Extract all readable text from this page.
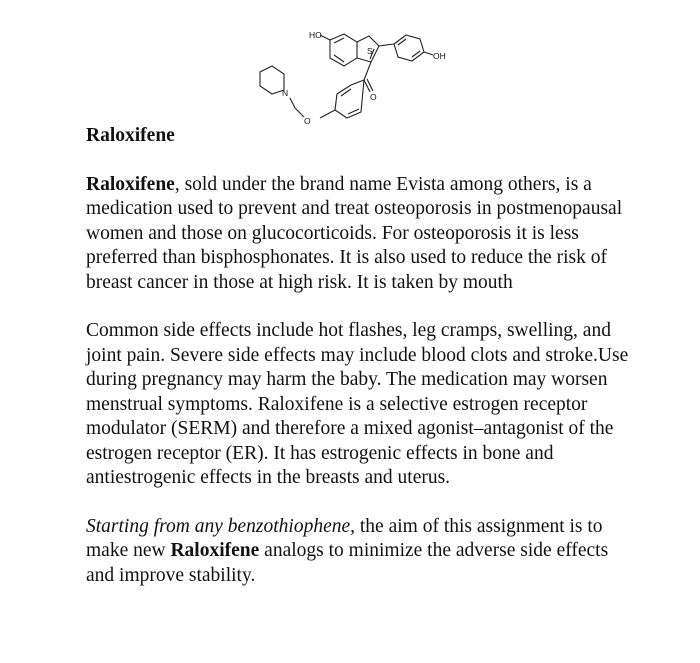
HO
S	OH
O
O
N
Raloxifene

Raloxifene, sold under the brand name Evista among others, is a medication used to prevent and treat osteoporosis in postmenopausal women and those on glucocorticoids. For osteoporosis it is less preferred than bisphosphonates. It is also used to reduce the risk of breast cancer in those at high risk. It is taken by mouth

Common side effects include hot flashes, leg cramps, swelling, and joint pain. Severe side effects may include blood clots and stroke.Use during pregnancy may harm the baby. The medication may worsen menstrual symptoms. Raloxifene is a selective estrogen receptor modulator (SERM) and therefore a mixed agonist–antagonist of the estrogen receptor (ER). It has estrogenic effects in bone and antiestrogenic effects in the breasts and uterus.

Starting from any benzothiophene, the aim of this assignment is to make new Raloxifene analogs to minimize the adverse side effects and improve stability.
